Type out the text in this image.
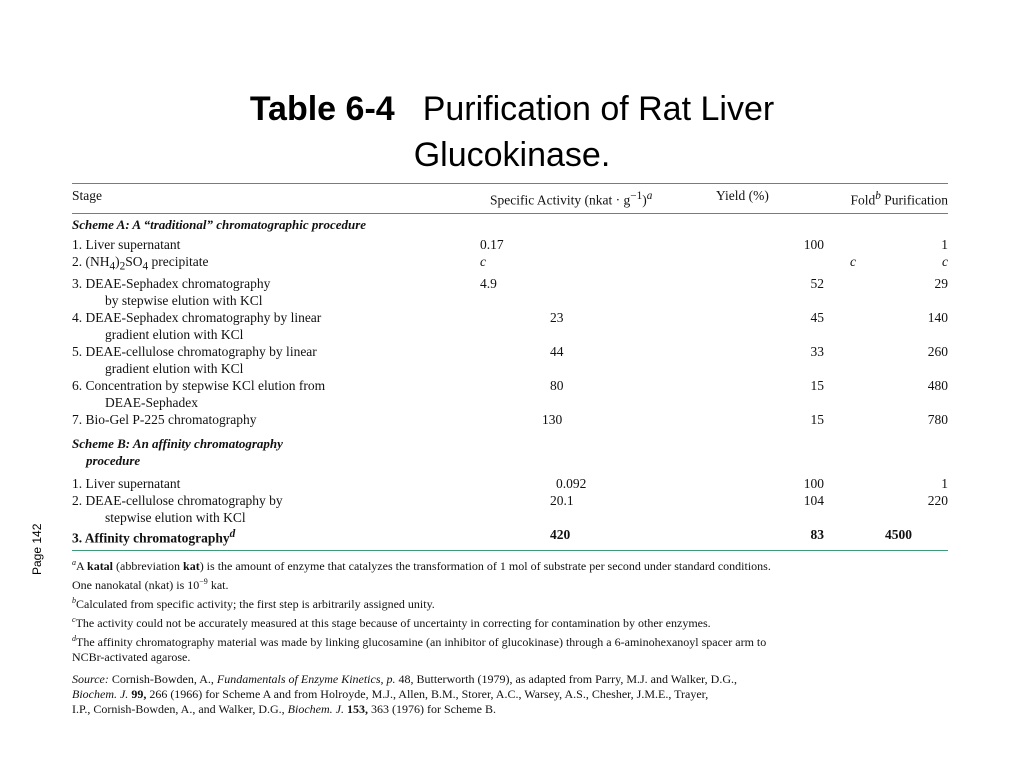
Table 6-4 Purification of Rat Liver Glucokinase.
Page 142
Stage	Specific Activity (nkat · $g^{-1})^a$	Yield (%)	Fold$^b$ Purification
Scheme A: A “traditional” chromatographic procedure			

1. Liver supernatant	0.17	100	1
2. $(NH_4)_2SO_4$ precipitate	c	c	c
3. DEAE-Sephadex chromatography
by stepwise elution with KCl	4.9	52	29
4. DEAE-Sephadex chromatography by linear
gradient elution with KCl	23	45	140
5. DEAE-cellulose chromatography by linear
gradient elution with KCl	44	33	260
6. Concentration by stepwise KCl elution from
DEAE-Sephadex	80	15	480
7. Bio-Gel P-225 chromatography	130	15	780

Scheme B: An affinity chromatography
procedure			

1. Liver supernatant	0.092	100	1
2. DEAE-cellulose chromatography by
stepwise elution with KCl	20.1	104	220
3. Affinity chromatography$^d$	420	83	4500

$^a$A katal (abbreviation kat) is the amount of enzyme that catalyzes the transformation of 1 mol of substrate per second under standard conditions.

One nanokatal (nkat) is $10^{-9}$ kat.

$^b$Calculated from specific activity; the first step is arbitrarily assigned unity.

$^c$The activity could not be accurately measured at this stage because of uncertainty in correcting for contamination by other enzymes.

$^d$The affinity chromatography material was made by linking glucosamine (an inhibitor of glucokinase) through a 6-aminohexanoyl spacer arm to

NCBr-activated agarose.

Source: Cornish-Bowden, A., Fundamentals of Enzyme Kinetics, p. 48, Butterworth (1979), as adapted from Parry, M.J. and Walker, D.G.,

Biochem. J. 99, 266 (1966) for Scheme A and from Holroyde, M.J., Allen, B.M., Storer, A.C., Warsey, A.S., Chesher, J.M.E., Trayer,

I.P., Cornish-Bowden, A., and Walker, D.G., Biochem. J. 153, 363 (1976) for Scheme B.
